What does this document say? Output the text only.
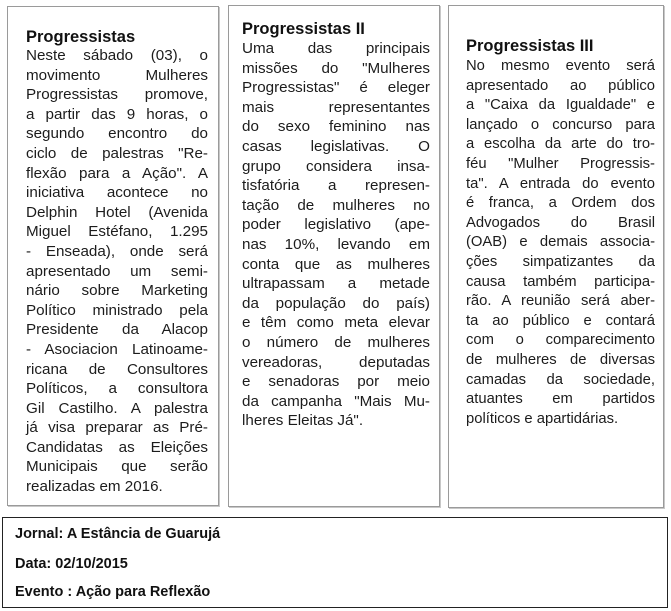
Progressistas
Neste sábado (03), o
movimento Mulheres
Progressistas promove,
a partir das 9 horas, o
segundo encontro do
ciclo de palestras "Re-
flexão para a Ação". A
iniciativa acontece no
Delphin Hotel (Avenida
Miguel Estéfano, 1.295
- Enseada), onde será
apresentado um semi-
nário sobre Marketing
Político ministrado pela
Presidente da Alacop
- Asociacion Latinoame-
ricana de Consultores
Políticos, a consultora
Gil Castilho. A palestra
já visa preparar as Pré-
Candidatas as Eleições
Municipais que serão
realizadas em 2016.
Progressistas II
Uma das principais
missões do "Mulheres
Progressistas" é eleger
mais representantes
do sexo feminino nas
casas legislativas. O
grupo considera insa-
tisfatória a represen-
tação de mulheres no
poder legislativo (ape-
nas 10%, levando em
conta que as mulheres
ultrapassam a metade
da população do país)
e têm como meta elevar
o número de mulheres
vereadoras, deputadas
e senadoras por meio
da campanha "Mais Mu-
lheres Eleitas Já".
Progressistas III
No mesmo evento será
apresentado ao público
a "Caixa da Igualdade" e
lançado o concurso para
a escolha da arte do tro-
féu "Mulher Progressis-
ta". A entrada do evento
é franca, a Ordem dos
Advogados do Brasil
(OAB) e demais associa-
ções simpatizantes da
causa também participa-
rão. A reunião será aber-
ta ao público e contará
com o comparecimento
de mulheres de diversas
camadas da sociedade,
atuantes em partidos
políticos e apartidárias.
Jornal: A Estância de Guarujá
Data: 02/10/2015
Evento : Ação para Reflexão
